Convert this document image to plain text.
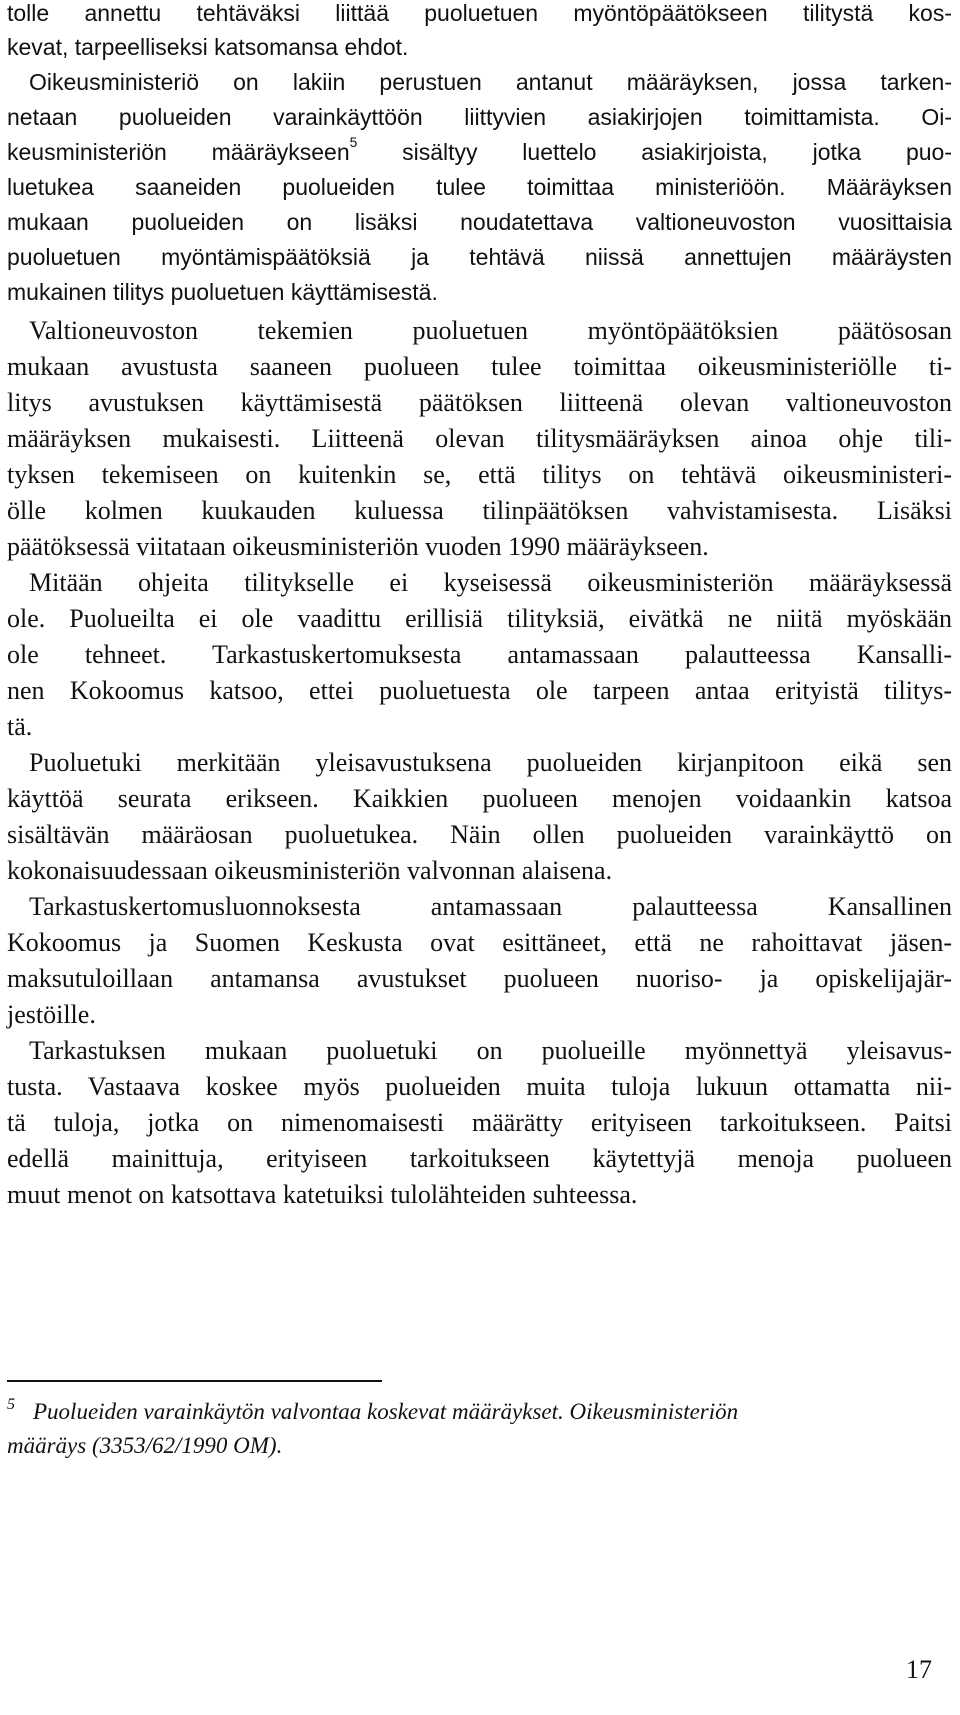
tolle annettu tehtäväksi liittää puoluetuen myöntöpäätökseen tilitystä kos-
kevat, tarpeelliseksi katsomansa ehdot.
Oikeusministeriö on lakiin perustuen antanut määräyksen, jossa tarken-
netaan puolueiden varainkäyttöön liittyvien asiakirjojen toimittamista. Oi-
keusministeriön määräykseen$^5$ sisältyy luettelo asiakirjoista, jotka puo-
luetukea saaneiden puolueiden tulee toimittaa ministeriöön. Määräyksen
mukaan puolueiden on lisäksi noudatettava valtioneuvoston vuosittaisia
puoluetuen myöntämispäätöksiä ja tehtävä niissä annettujen määräysten
mukainen tilitys puoluetuen käyttämisestä.
Valtioneuvoston tekemien puoluetuen myöntöpäätöksien päätösosan
mukaan avustusta saaneen puolueen tulee toimittaa oikeusministeriölle ti-
litys avustuksen käyttämisestä päätöksen liitteenä olevan valtioneuvoston
määräyksen mukaisesti. Liitteenä olevan tilitysmääräyksen ainoa ohje tili-
tyksen tekemiseen on kuitenkin se, että tilitys on tehtävä oikeusministeri-
ölle kolmen kuukauden kuluessa tilinpäätöksen vahvistamisesta. Lisäksi
päätöksessä viitataan oikeusministeriön vuoden 1990 määräykseen.
Mitään ohjeita tilitykselle ei kyseisessä oikeusministeriön määräyksessä
ole. Puolueilta ei ole vaadittu erillisiä tilityksiä, eivätkä ne niitä myöskään
ole tehneet. Tarkastuskertomuksesta antamassaan palautteessa Kansalli-
nen Kokoomus katsoo, ettei puoluetuesta ole tarpeen antaa erityistä tilitys-
tä.
Puoluetuki merkitään yleisavustuksena puolueiden kirjanpitoon eikä sen
käyttöä seurata erikseen. Kaikkien puolueen menojen voidaankin katsoa
sisältävän määräosan puoluetukea. Näin ollen puolueiden varainkäyttö on
kokonaisuudessaan oikeusministeriön valvonnan alaisena.
Tarkastuskertomusluonnoksesta antamassaan palautteessa Kansallinen
Kokoomus ja Suomen Keskusta ovat esittäneet, että ne rahoittavat jäsen-
maksutuloillaan antamansa avustukset puolueen nuoriso- ja opiskelijajär-
jestöille.
Tarkastuksen mukaan puoluetuki on puolueille myönnettyä yleisavus-
tusta. Vastaava koskee myös puolueiden muita tuloja lukuun ottamatta nii-
tä tuloja, jotka on nimenomaisesti määrätty erityiseen tarkoitukseen. Paitsi
edellä mainittuja, erityiseen tarkoitukseen käytettyjä menoja puolueen
muut menot on katsottava katetuiksi tulolähteiden suhteessa.
$^5$ Puolueiden varainkäytön valvontaa koskevat määräykset. Oikeusministeriön
määräys (3353/62/1990 OM).
17
